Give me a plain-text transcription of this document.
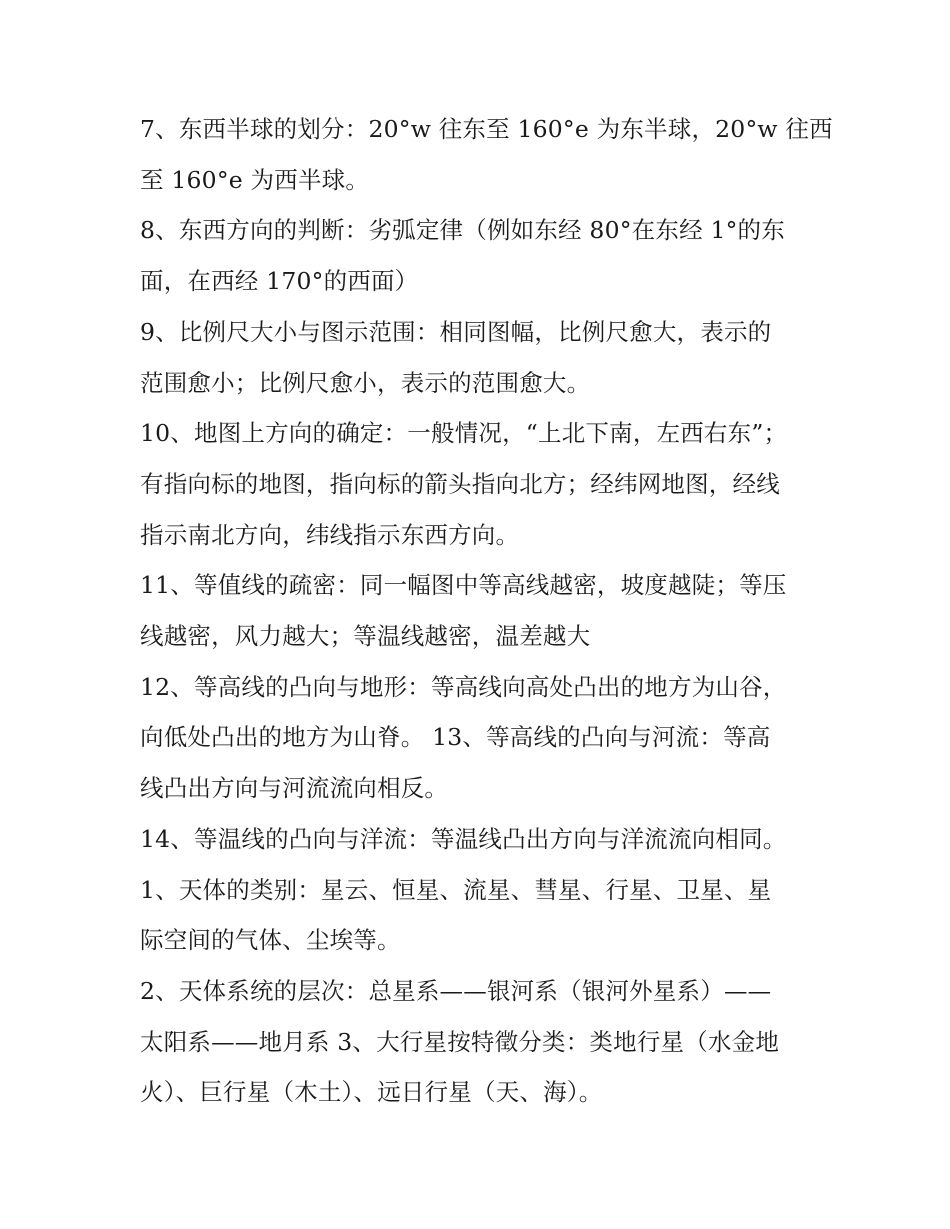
7、东西半球的划分：20°w 往东至 160°e 为东半球，20°w 往西
至 160°e 为西半球。

8、东西方向的判断：劣弧定律（例如东经 80°在东经 1°的东
面，在西经 170°的西面）

9、比例尺大小与图示范围：相同图幅，比例尺愈大，表示的
范围愈小；比例尺愈小，表示的范围愈大。

10、地图上方向的确定：一般情况，“上北下南，左西右东”；
有指向标的地图，指向标的箭头指向北方；经纬网地图，经线
指示南北方向，纬线指示东西方向。

11、等值线的疏密：同一幅图中等高线越密，坡度越陡；等压
线越密，风力越大；等温线越密，温差越大

12、等高线的凸向与地形：等高线向高处凸出的地方为山谷，
向低处凸出的地方为山脊。 13、等高线的凸向与河流：等高
线凸出方向与河流流向相反。

14、等温线的凸向与洋流：等温线凸出方向与洋流流向相同。

1、天体的类别：星云、恒星、流星、彗星、行星、卫星、星
际空间的气体、尘埃等。

2、天体系统的层次：总星系——银河系（银河外星系）——
太阳系——地月系 3、大行星按特徵分类：类地行星（水金地
火）、巨行星（木土）、远日行星（天、海）。
